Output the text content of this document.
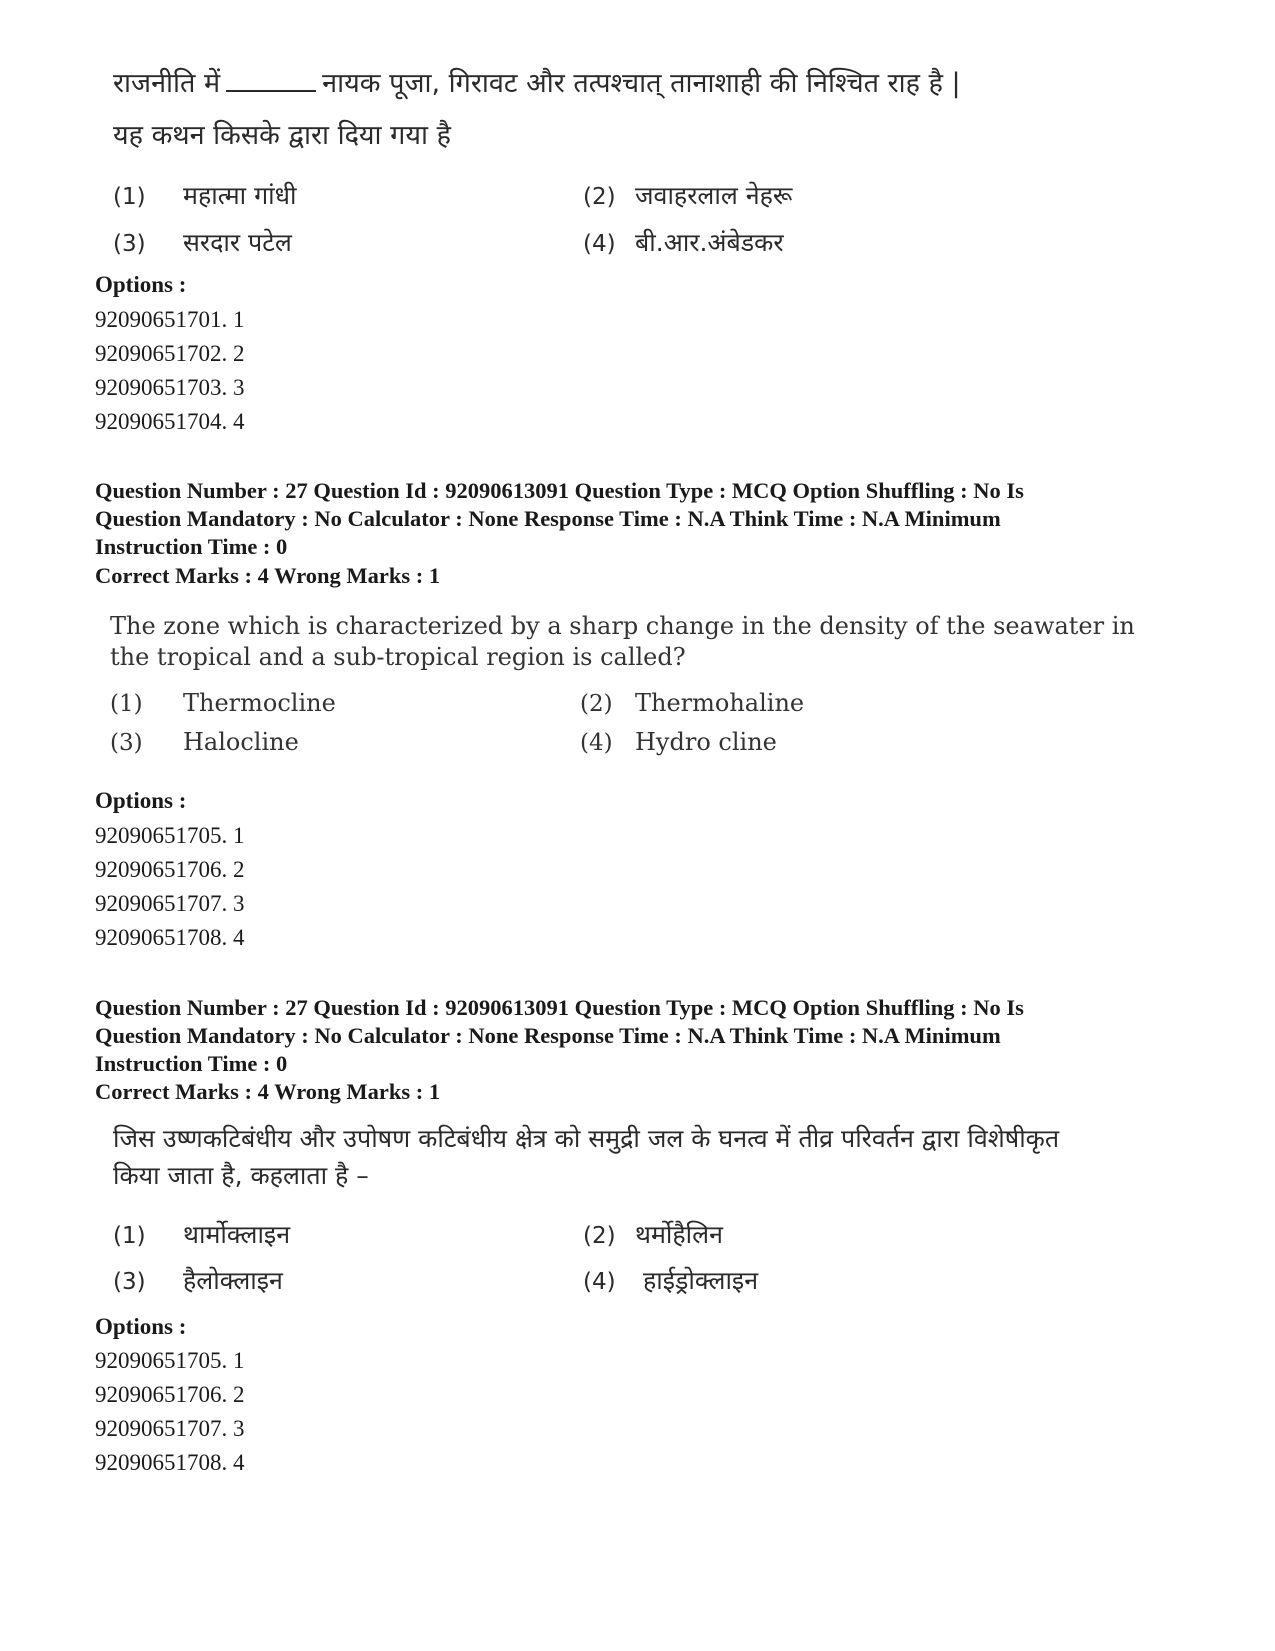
राजनीति में	नायक पूजा, गिरावट और तत्पश्चात् तानाशाही की निश्चित राह है |
यह कथन किसके द्वारा दिया गया है
(1) महात्मा गांधी	(2) जवाहरलाल नेहरू
(3) सरदार पटेल	(4) बी.आर.अंबेडकर
Options :
92090651701. 1
92090651702. 2
92090651703. 3
92090651704. 4
Question Number : 27 Question Id : 92090613091 Question Type : MCQ Option Shuffling : No Is
Question Mandatory : No Calculator : None Response Time : N.A Think Time : N.A Minimum
Instruction Time : 0
Correct Marks : 4 Wrong Marks : 1
The zone which is characterized by a sharp change in the density of the seawater in
the tropical and a sub-tropical region is called?
(1) Thermocline	(2) Thermohaline
(3) Halocline	(4) Hydro cline
Options :
92090651705. 1
92090651706. 2
92090651707. 3
92090651708. 4
Question Number : 27 Question Id : 92090613091 Question Type : MCQ Option Shuffling : No Is
Question Mandatory : No Calculator : None Response Time : N.A Think Time : N.A Minimum
Instruction Time : 0
Correct Marks : 4 Wrong Marks : 1
जिस उष्णकटिबंधीय और उपोषण कटिबंधीय क्षेत्र को समुद्री जल के घनत्व में तीव्र परिवर्तन द्वारा विशेषीकृत
किया जाता है, कहलाता है –
(1) थार्मोक्लाइन	(2) थर्मोहैलिन
(3) हैलोक्लाइन	(4) हाईड्रोक्लाइन
Options :
92090651705. 1
92090651706. 2
92090651707. 3
92090651708. 4
